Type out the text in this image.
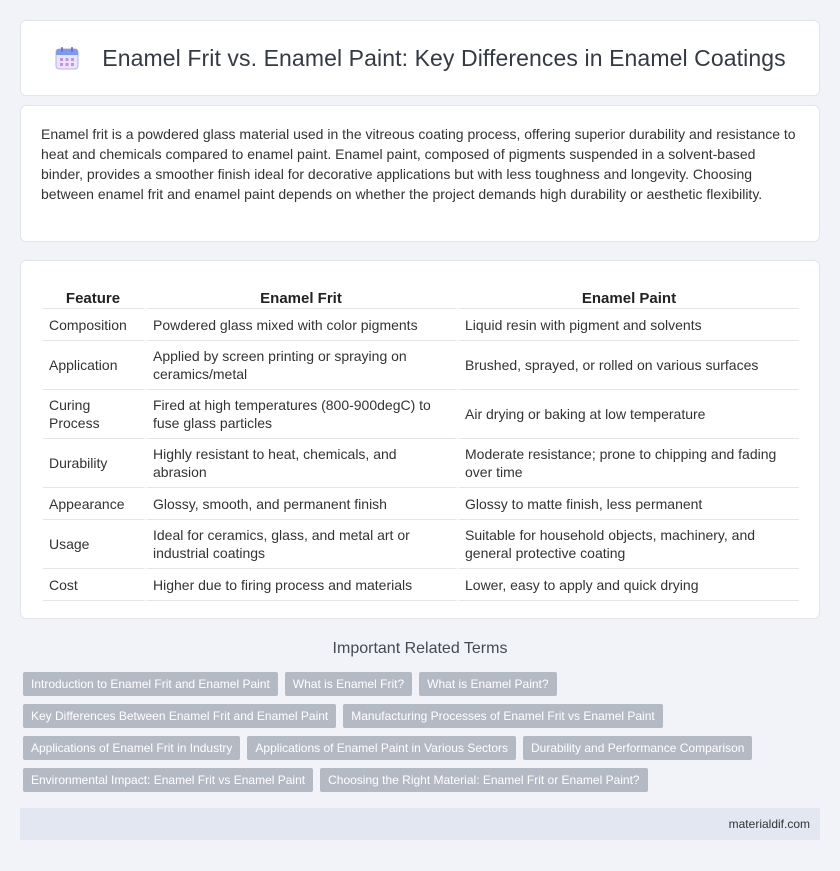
Enamel Frit vs. Enamel Paint: Key Differences in Enamel Coatings

Enamel frit is a powdered glass material used in the vitreous coating process, offering superior durability and resistance to heat and chemicals compared to enamel paint. Enamel paint, composed of pigments suspended in a solvent-based binder, provides a smoother finish ideal for decorative applications but with less toughness and longevity. Choosing between enamel frit and enamel paint depends on whether the project demands high durability or aesthetic flexibility.

Feature	Enamel Frit	Enamel Paint
Composition	Powdered glass mixed with color pigments	Liquid resin with pigment and solvents
Application	Applied by screen printing or spraying on ceramics/metal	Brushed, sprayed, or rolled on various surfaces
Curing Process	Fired at high temperatures (800-900degC) to fuse glass particles	Air drying or baking at low temperature
Durability	Highly resistant to heat, chemicals, and abrasion	Moderate resistance; prone to chipping and fading over time
Appearance	Glossy, smooth, and permanent finish	Glossy to matte finish, less permanent
Usage	Ideal for ceramics, glass, and metal art or industrial coatings	Suitable for household objects, machinery, and general protective coating
Cost	Higher due to firing process and materials	Lower, easy to apply and quick drying
Important Related Terms
Introduction to Enamel Frit and Enamel Paint	What is Enamel Frit?	What is Enamel Paint?
Key Differences Between Enamel Frit and Enamel Paint	Manufacturing Processes of Enamel Frit vs Enamel Paint
Applications of Enamel Frit in Industry	Applications of Enamel Paint in Various Sectors	Durability and Performance Comparison
Environmental Impact: Enamel Frit vs Enamel Paint	Choosing the Right Material: Enamel Frit or Enamel Paint?
materialdif.com
